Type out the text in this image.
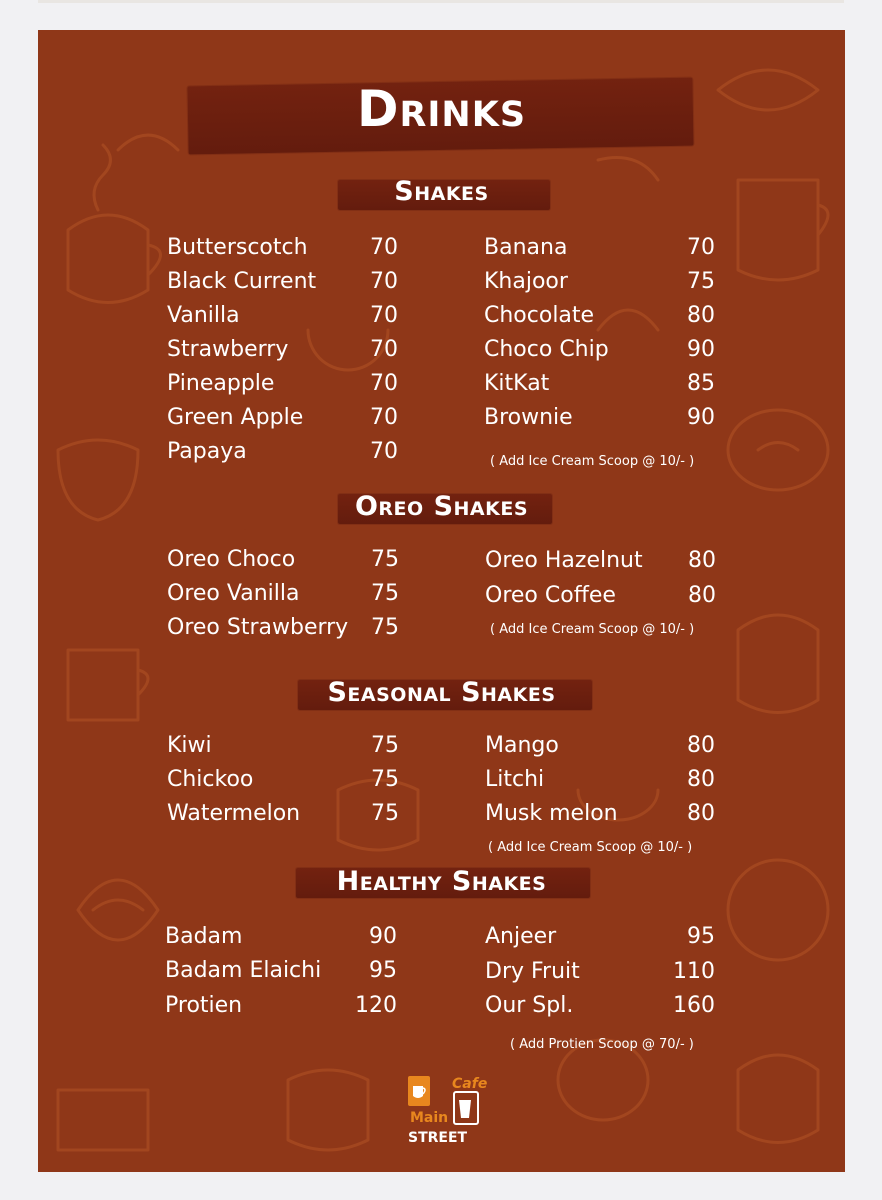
Drinks
Shakes
Butterscotch	70
Black Current	70
Vanilla	70
Strawberry	70
Pineapple	70
Green Apple	70
Papaya	70
Banana	70
Khajoor	75
Chocolate	80
Choco Chip	90
KitKat	85
Brownie	90
( Add Ice Cream Scoop @ 10/- )
Oreo Shakes
Oreo Choco	75
Oreo Vanilla	75
Oreo Strawberry	75
Oreo Hazelnut	80
Oreo Coffee	80
( Add Ice Cream Scoop @ 10/- )
Seasonal Shakes
Kiwi	75
Chickoo	75
Watermelon	75
Mango	80
Litchi	80
Musk melon	80
( Add Ice Cream Scoop @ 10/- )
Healthy Shakes
Badam	90
Badam Elaichi	95
Protien	120
Anjeer	95
Dry Fruit	110
Our Spl.	160
( Add Protien Scoop @ 70/- )
Cafe
Main
STREET
